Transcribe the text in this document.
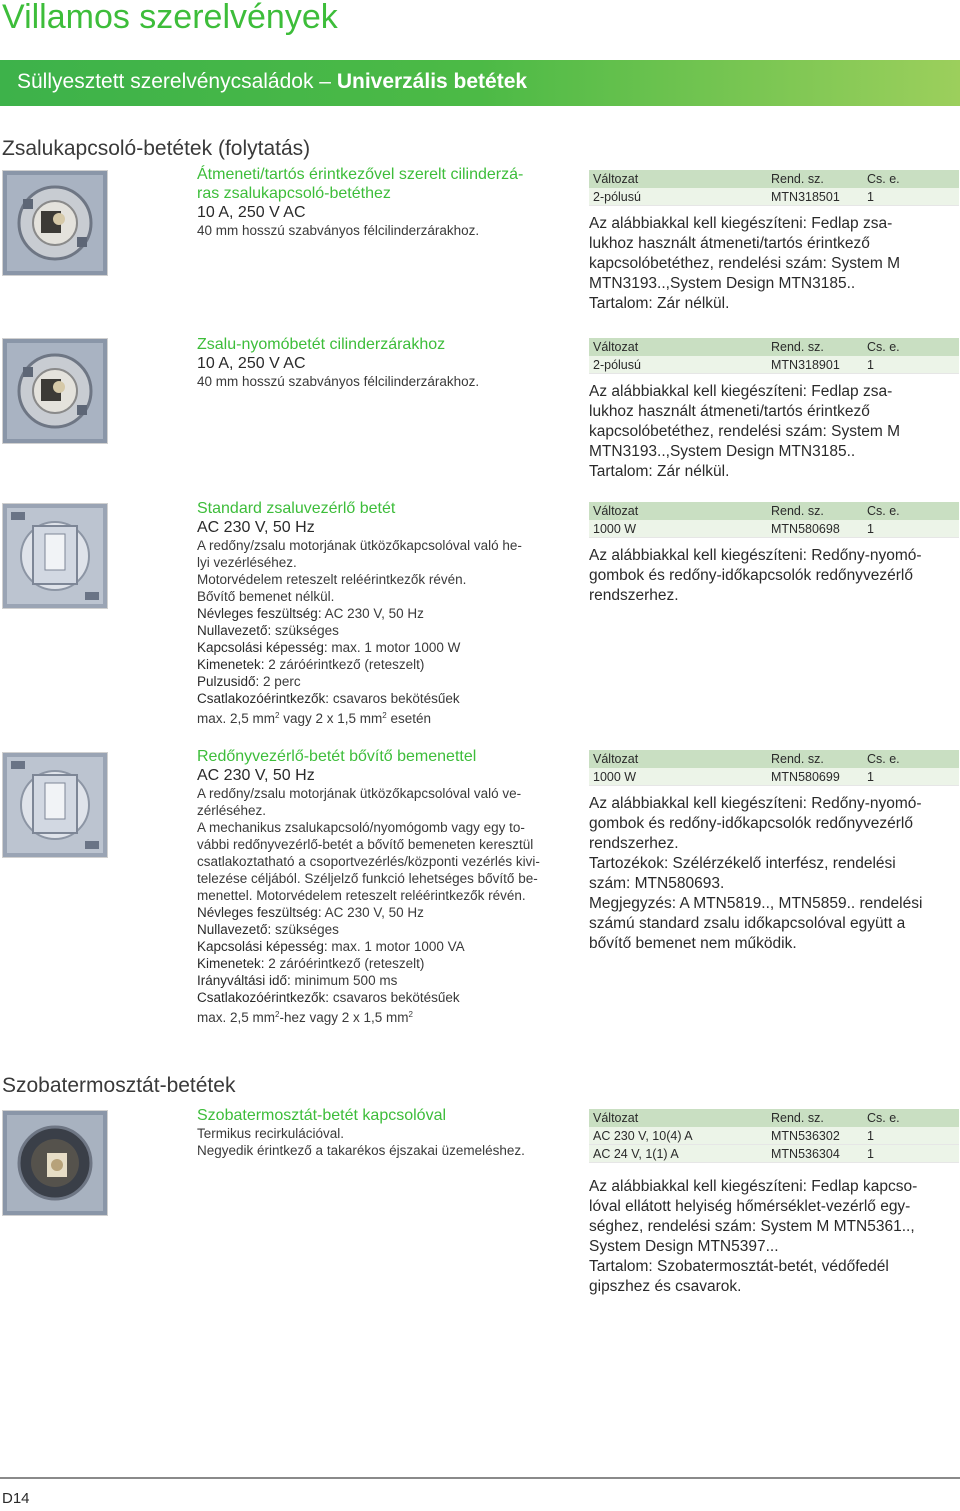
Villamos szerelvények
Süllyesztett szerelvénycsaládok – Univerzális betétek
Zsalukapcsoló-betétek (folytatás)
Szobatermosztát-betétek
Átmeneti/tartós érintkezővel szerelt cilinderzá-
ras zsalukapcsoló-betéthez
10 A, 250 V AC
40 mm hosszú szabványos félcilinderzárakhoz.
Zsalu-nyomóbetét cilinderzárakhoz
10 A, 250 V AC
40 mm hosszú szabványos félcilinderzárakhoz.
Standard zsaluvezérlő betét
AC 230 V, 50 Hz
A redőny/zsalu motorjának ütközőkapcsolóval való he-
lyi vezérléséhez.
Motorvédelem reteszelt reléérintkezők révén.
Bővítő bemenet nélkül.
Névleges feszültség: AC 230 V, 50 Hz
Nullavezető: szükséges
Kapcsolási képesség: max. 1 motor 1000 W
Kimenetek: 2 záróérintkező (reteszelt)
Pulzusidő: 2 perc
Csatlakozóérintkezők: csavaros bekötésűek
max. 2,5 $mm^2$ vagy 2 x 1,5 $mm^2$ esetén
Redőnyvezérlő-betét bővítő bemenettel
AC 230 V, 50 Hz
A redőny/zsalu motorjának ütközőkapcsolóval való ve-
zérléséhez.
A mechanikus zsalukapcsoló/nyomógomb vagy egy to-
vábbi redőnyvezérlő-betét a bővítő bemeneten keresztül
csatlakoztatható a csoportvezérlés/központi vezérlés kivi-
telezése céljából. Széljelző funkció lehetséges bővítő be-
menettel. Motorvédelem reteszelt reléérintkezők révén.
Névleges feszültség: AC 230 V, 50 Hz
Nullavezető: szükséges
Kapcsolási képesség: max. 1 motor 1000 VA
Kimenetek: 2 záróérintkező (reteszelt)
Irányváltási idő: minimum 500 ms
Csatlakozóérintkezők: csavaros bekötésűek
max. 2,5 $mm^2$-hez vagy 2 x 1,5 $mm^2$
Szobatermosztát-betét kapcsolóval
Termikus recirkulációval.
Negyedik érintkező a takarékos éjszakai üzemeléshez.
Változat	Rend. sz.	Cs. e.
2-pólusú	MTN318501	1
Az alábbiakkal kell kiegészíteni: Fedlap zsa-
lukhoz használt átmeneti/tartós érintkező
kapcsolóbetéthez, rendelési szám: System M
MTN3193..,System Design MTN3185..
Tartalom: Zár nélkül.
Változat	Rend. sz.	Cs. e.
2-pólusú	MTN318901	1
Az alábbiakkal kell kiegészíteni: Fedlap zsa-
lukhoz használt átmeneti/tartós érintkező
kapcsolóbetéthez, rendelési szám: System M
MTN3193..,System Design MTN3185..
Tartalom: Zár nélkül.
Változat	Rend. sz.	Cs. e.
1000 W	MTN580698	1
Az alábbiakkal kell kiegészíteni: Redőny-nyomó-
gombok és redőny-időkapcsolók redőnyvezérlő
rendszerhez.
Változat	Rend. sz.	Cs. e.
1000 W	MTN580699	1
Az alábbiakkal kell kiegészíteni: Redőny-nyomó-
gombok és redőny-időkapcsolók redőnyvezérlő
rendszerhez.
Tartozékok: Szélérzékelő interfész, rendelési
szám: MTN580693.
Megjegyzés: A MTN5819.., MTN5859.. rendelési
számú standard zsalu időkapcsolóval együtt a
bővítő bemenet nem működik.
Változat	Rend. sz.	Cs. e.
AC 230 V, 10(4) A	MTN536302	1
AC 24 V, 1(1) A	MTN536304	1
Az alábbiakkal kell kiegészíteni: Fedlap kapcso-
lóval ellátott helyiség hőmérséklet-vezérlő egy-
séghez, rendelési szám: System M MTN5361..,
System Design MTN5397...
Tartalom: Szobatermosztát-betét, védőfedél
gipszhez és csavarok.
D14
